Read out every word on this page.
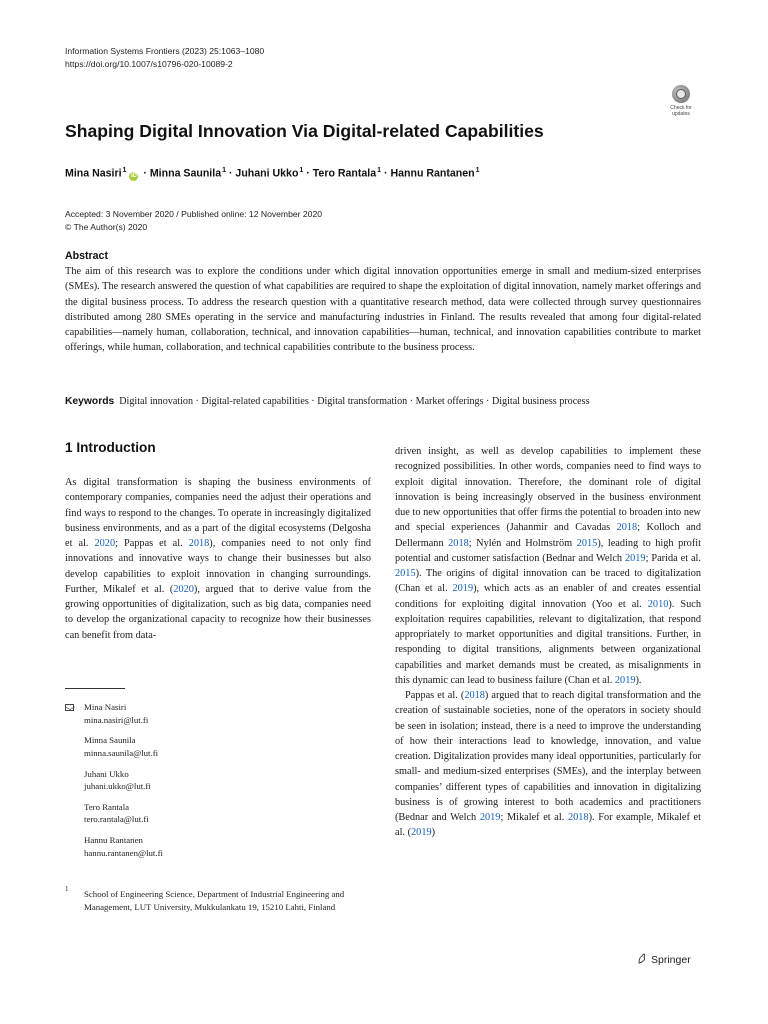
Information Systems Frontiers (2023) 25:1063–1080
https://doi.org/10.1007/s10796-020-10089-2
Check for updates
Shaping Digital Innovation Via Digital-related Capabilities
Mina Nasiri$^1$iD · Minna Saunila$^1$ · Juhani Ukko$^1$ · Tero Rantala$^1$ · Hannu Rantanen$^1$
Accepted: 3 November 2020 / Published online: 12 November 2020
© The Author(s) 2020
Abstract
The aim of this research was to explore the conditions under which digital innovation opportunities emerge in small and medium-sized enterprises (SMEs). The research answered the question of what capabilities are required to shape the exploitation of digital innovation, namely market offerings and the digital business process. To address the research question with a quantitative research method, data were collected through survey questionnaires distributed among 280 SMEs operating in the service and manufacturing industries in Finland. The results revealed that among four digital-related capabilities—namely human, collaboration, technical, and innovation capabilities—human, technical, and innovation capabilities contribute to market offerings, while human, collaboration, and technical capabilities contribute to the business process.
Keywords Digital innovation · Digital-related capabilities · Digital transformation · Market offerings · Digital business process
1 Introduction

As digital transformation is shaping the business environments of contemporary companies, companies need the adjust their operations and find ways to respond to the changes. To operate in increasingly digitalized business environments, and as a part of the digital ecosystems (Delgosha et al. 2020; Pappas et al. 2018), companies need to not only find innovations and innovative ways to change their businesses but also develop capabilities to exploit innovation in changing surroundings. Further, Mikalef et al. (2020), argued that to derive value from the growing opportunities of digitalization, such as big data, companies need to develop the organizational capacity to recognize how their businesses can benefit from data-

driven insight, as well as develop capabilities to implement these recognized possibilities. In other words, companies need to find ways to exploit digital innovation. Therefore, the dominant role of digital innovation is being increasingly observed in the business environment due to new opportunities that offer firms the potential to broaden into new and special experiences (Jahanmir and Cavadas 2018; Kolloch and Dellermann 2018; Nylén and Holmström 2015), leading to high profit potential and customer satisfaction (Bednar and Welch 2019; Parida et al. 2015). The origins of digital innovation can be traced to digitalization (Chan et al. 2019), which acts as an enabler of and creates essential conditions for exploiting digital innovation (Yoo et al. 2010). Such exploitation requires capabilities, relevant to digitalization, that respond appropriately to market opportunities and digital transitions. Further, in responding to digital transitions, alignments between organizational capabilities and market demands must be created, as misalignments in this dynamic can lead to business failure (Chan et al. 2019).

Pappas et al. (2018) argued that to reach digital transformation and the creation of sustainable societies, none of the operators in society should be seen in isolation; instead, there is a need to improve the understanding of how their interactions lead to knowledge, innovation, and value creation. Digitalization provides many ideal opportunities, particularly for small- and medium-sized enterprises (SMEs), and the interplay between companies’ different types of capabilities and innovation in digitalizing business is of growing interest to both academics and practitioners (Bednar and Welch 2019; Mikalef et al. 2018). For example, Mikalef et al. (2019)

Mina Nasiri
mina.nasiri@lut.fi
Minna Saunila
minna.saunila@lut.fi
Juhani Ukko
juhani.ukko@lut.fi
Tero Rantala
tero.rantala@lut.fi
Hannu Rantanen
hannu.rantanen@lut.fi
1 School of Engineering Science, Department of Industrial Engineering and Management, LUT University, Mukkulankatu 19, 15210 Lahti, Finland
Springer
